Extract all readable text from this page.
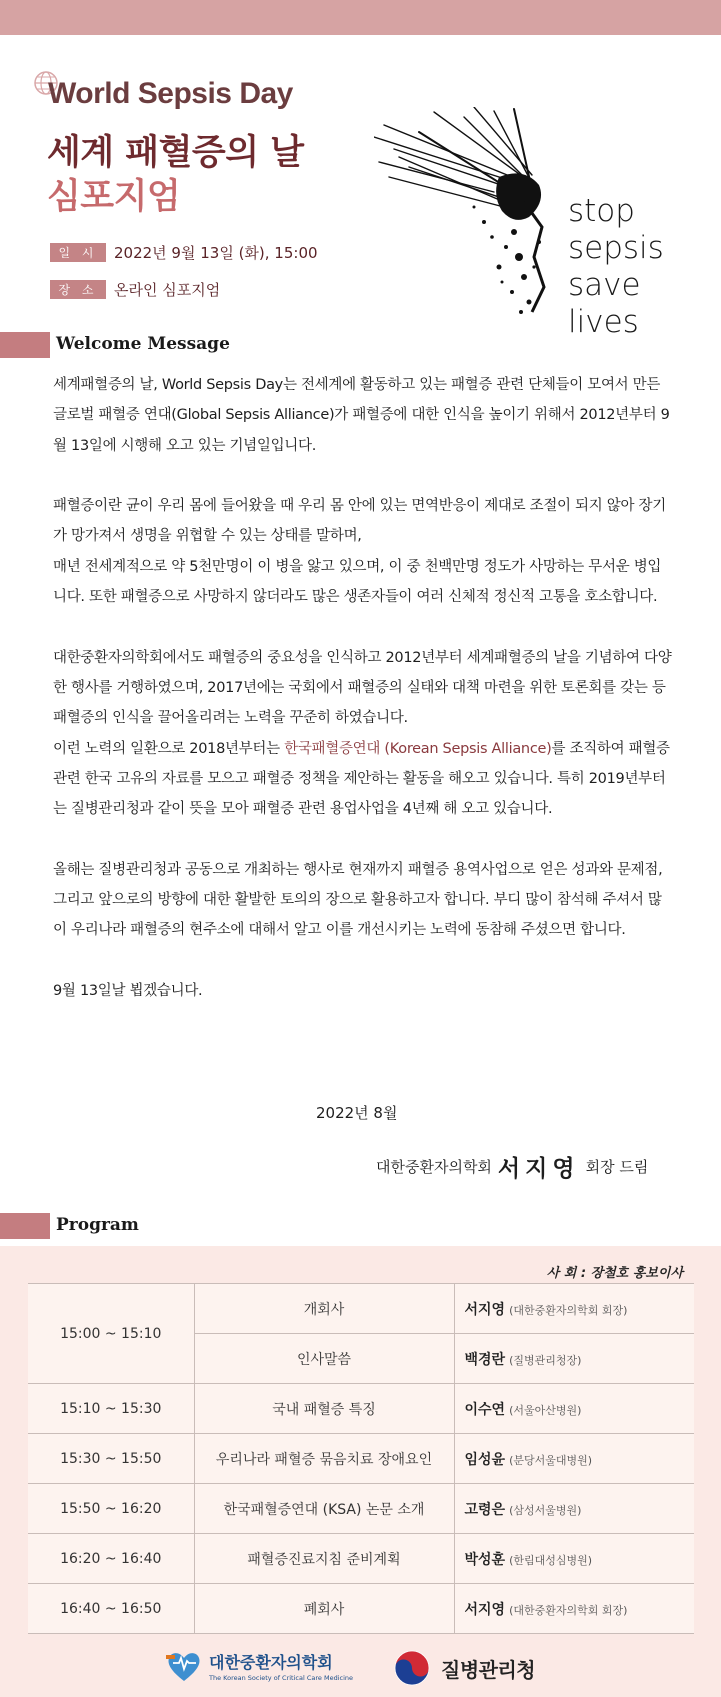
World Sepsis Day
세계 패혈증의 날
심포지엄
일 시	2022년 9월 13일 (화), 15:00
장 소	온라인 심포지엄
stop
sepsis
save
lives
Welcome Message

세계패혈증의 날, World Sepsis Day는 전세계에 활동하고 있는 패혈증 관련 단체들이 모여서 만든글로벌 패혈증 연대(Global Sepsis Alliance)가 패혈증에 대한 인식을 높이기 위해서 2012년부터 9월 13일에 시행해 오고 있는 기념일입니다.

패혈증이란 균이 우리 몸에 들어왔을 때 우리 몸 안에 있는 면역반응이 제대로 조절이 되지 않아 장기가 망가져서 생명을 위협할 수 있는 상태를 말하며,

매년 전세계적으로 약 5천만명이 이 병을 앓고 있으며, 이 중 천백만명 정도가 사망하는 무서운 병입니다. 또한 패혈증으로 사망하지 않더라도 많은 생존자들이 여러 신체적 정신적 고통을 호소합니다.

대한중환자의학회에서도 패혈증의 중요성을 인식하고 2012년부터 세계패혈증의 날을 기념하여 다양한 행사를 거행하였으며, 2017년에는 국회에서 패혈증의 실태와 대책 마련을 위한 토론회를 갖는 등 패혈증의 인식을 끌어올리려는 노력을 꾸준히 하였습니다.

이런 노력의 일환으로 2018년부터는 한국패혈증연대 (Korean Sepsis Alliance)를 조직하여 패혈증 관련 한국 고유의 자료를 모으고 패혈증 정책을 제안하는 활동을 해오고 있습니다. 특히 2019년부터는 질병관리청과 같이 뜻을 모아 패혈증 관련 용업사업을 4년째 해 오고 있습니다.

올해는 질병관리청과 공동으로 개최하는 행사로 현재까지 패혈증 용역사업으로 얻은 성과와 문제점, 그리고 앞으로의 방향에 대한 활발한 토의의 장으로 활용하고자 합니다. 부디 많이 참석해 주셔서 많이 우리나라 패혈증의 현주소에 대해서 알고 이를 개선시키는 노력에 동참해 주셨으면 합니다.

9월 13일날 뵙겠습니다.

2022년 8월
대한중환자의학회 서지영 회장 드림
Program
사 회 : 장철호 홍보이사
15:00 ~ 15:10	개회사	서지영 (대한중환자의학회 회장)
	인사말씀	백경란 (질병관리청장)
15:10 ~ 15:30	국내 패혈증 특징	이수연 (서울아산병원)
15:30 ~ 15:50	우리나라 패혈증 묶음치료 장애요인	임성윤 (분당서울대병원)
15:50 ~ 16:20	한국패혈증연대 (KSA) 논문 소개	고령은 (삼성서울병원)
16:20 ~ 16:40	패혈증진료지침 준비계획	박성훈 (한림대성심병원)
16:40 ~ 16:50	폐회사	서지영 (대한중환자의학회 회장)
대한중환자의학회
The Korean Society of Critical Care Medicine	질병관리청
